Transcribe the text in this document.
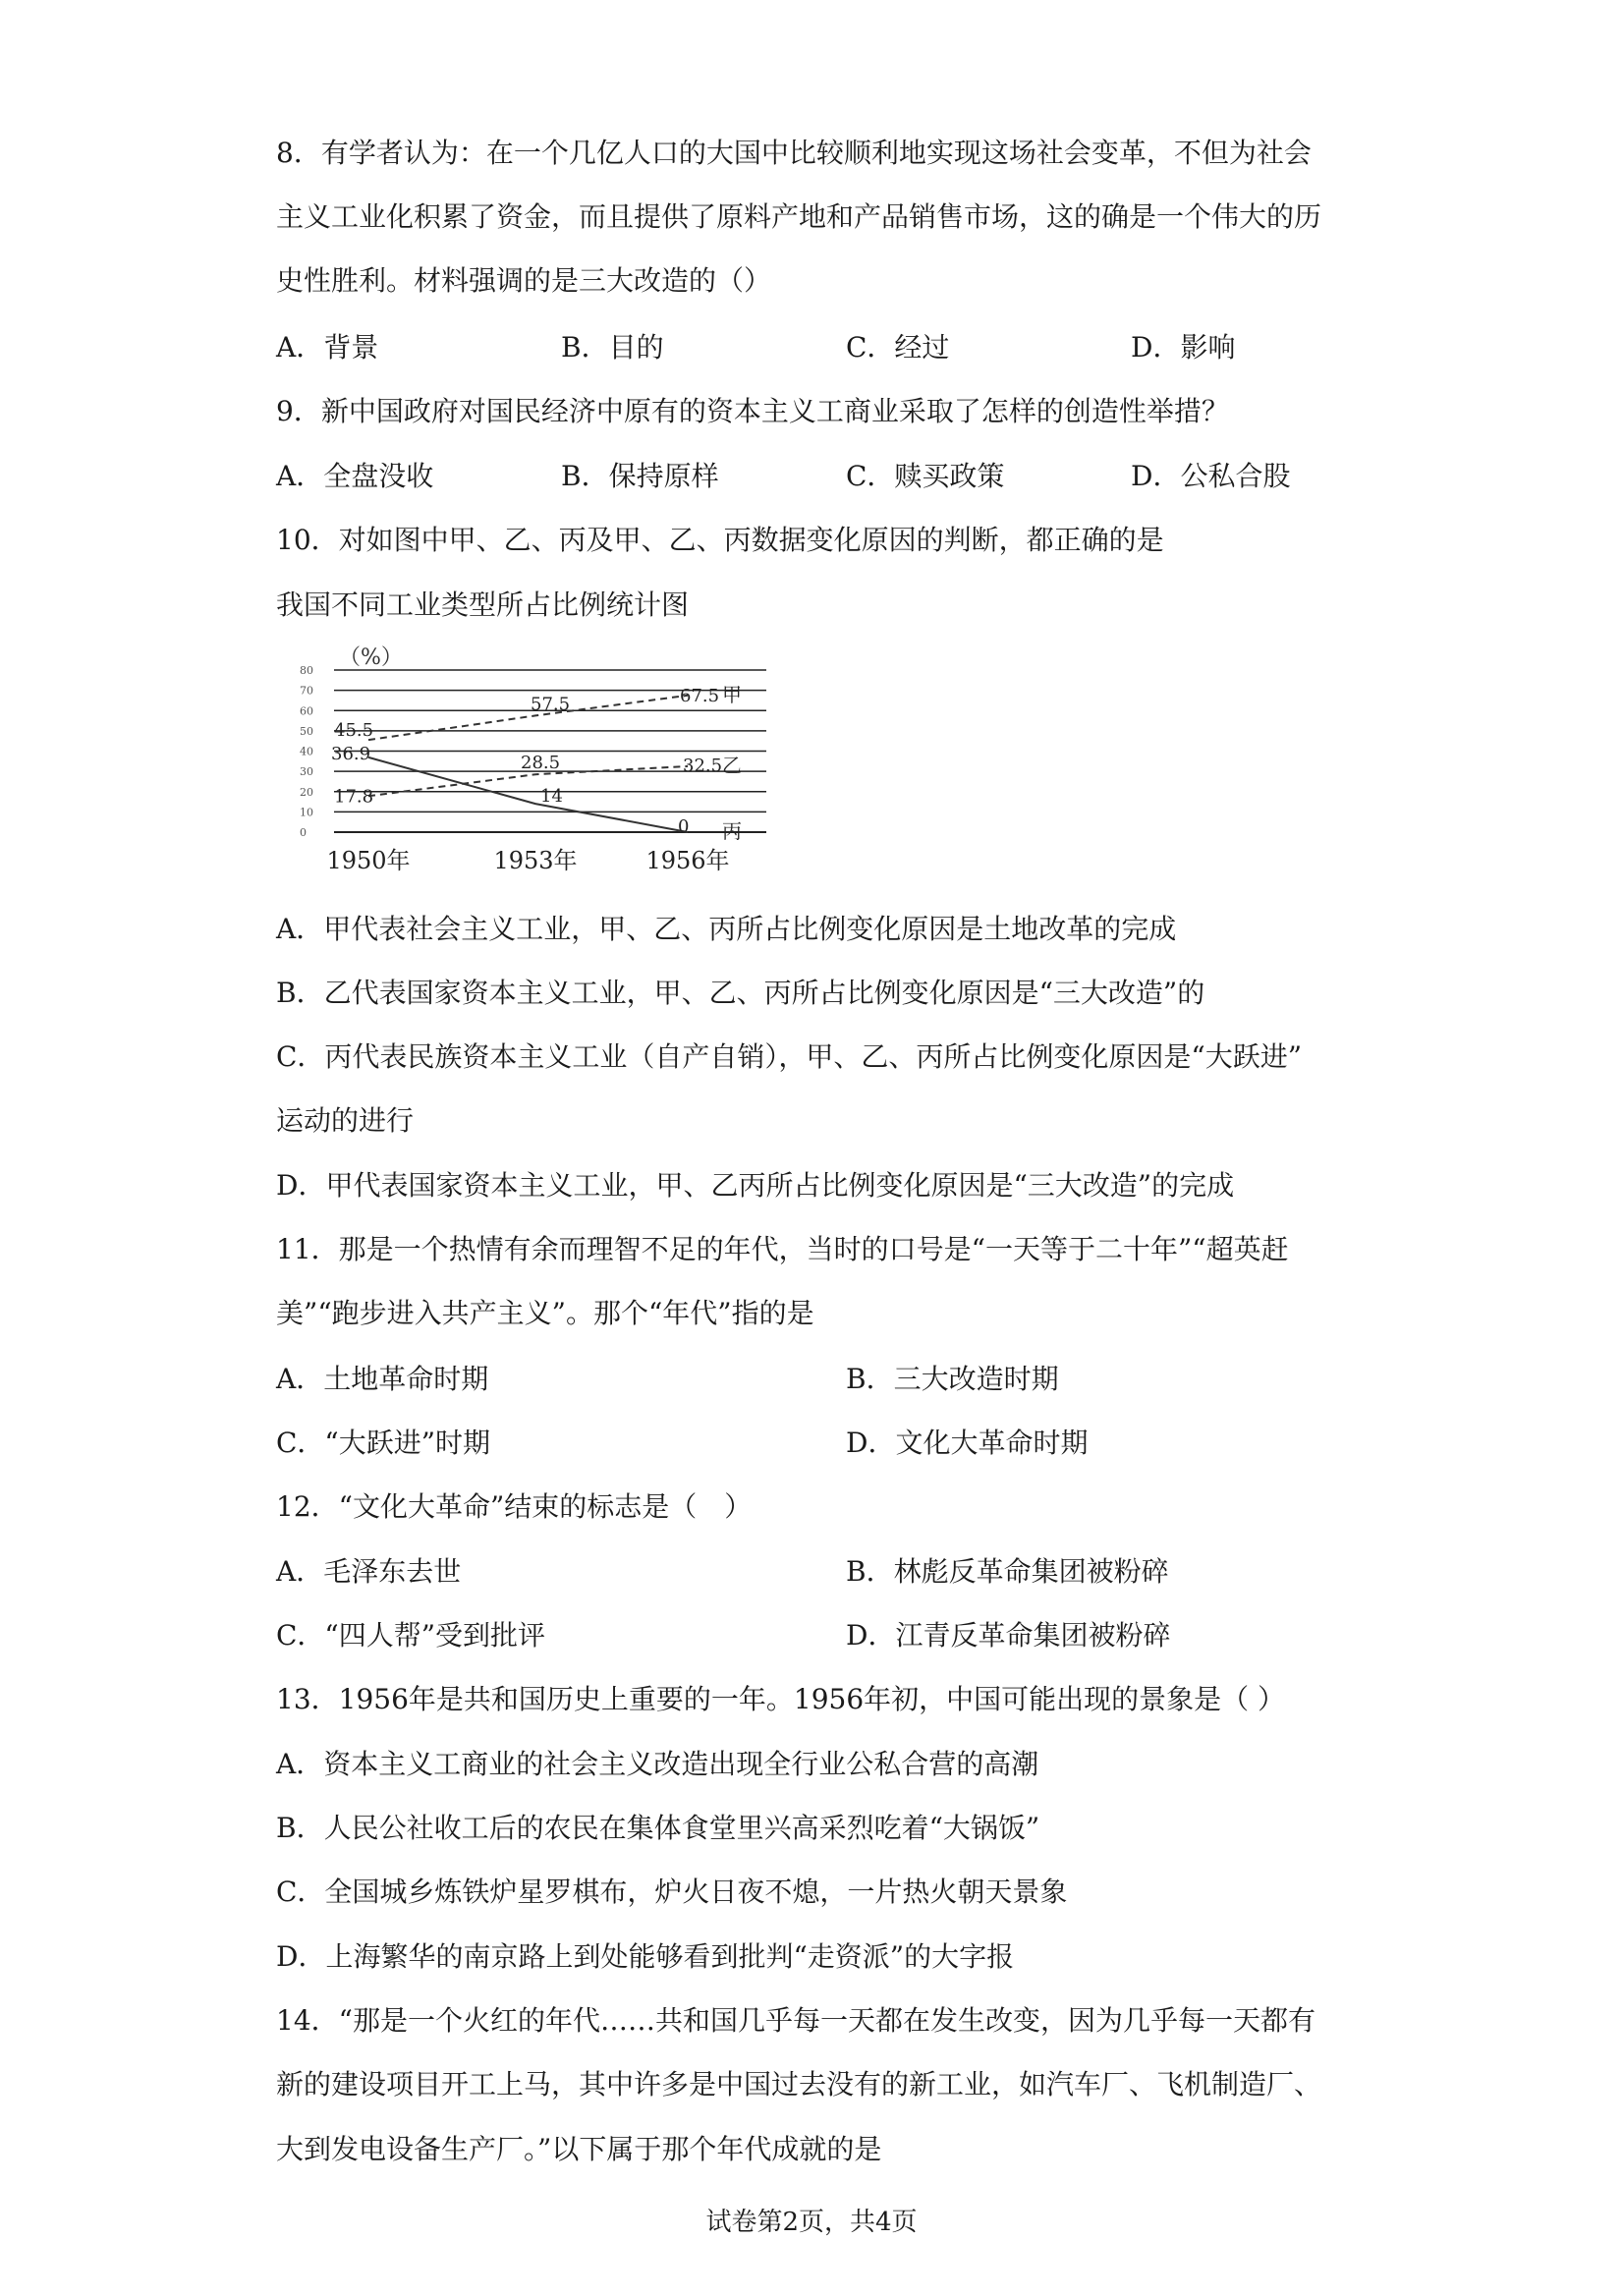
8．有学者认为：在一个几亿人口的大国中比较顺利地实现这场社会变革，不但为社会
主义工业化积累了资金，而且提供了原料产地和产品销售市场，这的确是一个伟大的历
史性胜利。材料强调的是三大改造的（）
A．背景	B．目的	C．经过	D．影响
9．新中国政府对国民经济中原有的资本主义工商业采取了怎样的创造性举措？
A．全盘没收	B．保持原样	C．赎买政策	D．公私合股
10．对如图中甲、乙、丙及甲、乙、丙数据变化原因的判断，都正确的是
我国不同工业类型所占比例统计图
（%）
0
10
20
30
40
50
60
70
80
1950年	1953年	1956年
45.5
57.5	67.5 甲
17.8
28.5	32.5 乙
36.9
14
0 丙
A．甲代表社会主义工业，甲、乙、丙所占比例变化原因是土地改革的完成
B．乙代表国家资本主义工业，甲、乙、丙所占比例变化原因是“三大改造”的
C．丙代表民族资本主义工业（自产自销），甲、乙、丙所占比例变化原因是“大跃进”
运动的进行
D．甲代表国家资本主义工业，甲、乙丙所占比例变化原因是“三大改造”的完成
11．那是一个热情有余而理智不足的年代，当时的口号是“一天等于二十年”“超英赶
美”“跑步进入共产主义”。那个“年代”指的是
A．土地革命时期	B．三大改造时期
C．“大跃进”时期	D．文化大革命时期
12．“文化大革命”结束的标志是（　）
A．毛泽东去世	B．林彪反革命集团被粉碎
C．“四人帮”受到批评	D．江青反革命集团被粉碎
13．1956年是共和国历史上重要的一年。1956年初，中国可能出现的景象是（ ）
A．资本主义工商业的社会主义改造出现全行业公私合营的高潮
B．人民公社收工后的农民在集体食堂里兴高采烈吃着“大锅饭”
C．全国城乡炼铁炉星罗棋布，炉火日夜不熄，一片热火朝天景象
D．上海繁华的南京路上到处能够看到批判“走资派”的大字报
14．“那是一个火红的年代……共和国几乎每一天都在发生改变，因为几乎每一天都有
新的建设项目开工上马，其中许多是中国过去没有的新工业，如汽车厂、飞机制造厂、
大到发电设备生产厂。”以下属于那个年代成就的是
试卷第2页，共4页
